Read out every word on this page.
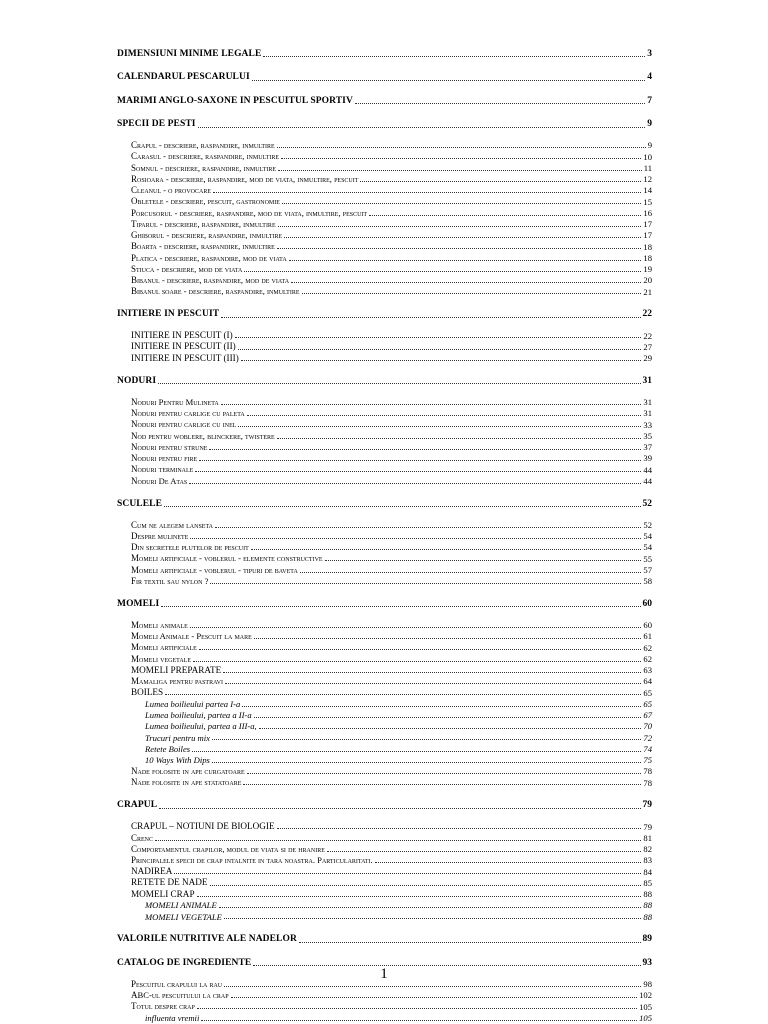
DIMENSIUNI MINIME LEGALE	3
CALENDARUL PESCARULUI	4
MARIMI ANGLO-SAXONE IN PESCUITUL SPORTIV	7
SPECII DE PESTI	9
Crapul - descriere, raspandire, inmultire	9
Carasul - descriere, raspandire, inmultire	10
Somnul - descriere, raspandire, inmultire	11
Rosioara - descriere, raspandire, mod de viata, inmultire, pescuit	12
Cleanul - o provocare	14
Obletele - descriere, pescuit, gastronomie	15
Porcusorul - descriere, raspandire, mod de viata, inmultire, pescuit	16
Tiparul - descriere, raspandire, inmultire	17
Ghiborul - descriere, raspandire, inmultire	17
Boarta - descriere, raspandire, inmultire	18
Platica - descriere, raspandire, mod de viata	18
Stiuca - descriere, mod de viata	19
Bibanul - descriere, raspandire, mod de viata	20
Bibanul soare - descriere, raspandire, inmultire	21
INITIERE IN PESCUIT	22
INITIERE IN PESCUIT (I)	22
INITIERE IN PESCUIT (II)	27
INITIERE IN PESCUIT (III)	29
NODURI	31
Noduri Pentru Mulineta	31
Noduri pentru carlige cu paleta	31
Noduri pentru carlige cu inel	33
Nod pentru woblere, blinckere, twistere	35
Noduri pentru strune	37
Noduri pentru fire	39
Noduri terminale	44
Noduri De Atas	44
SCULELE	52
Cum ne alegem lanseta	52
Despre mulinete	54
Din secretele plutelor de pescuit	54
Momeli artificiale - voblerul - elemente constructive	55
Momeli artificiale - voblerul - tipuri de baveta	57
Fir textil sau nylon ?	58
MOMELI	60
Momeli animale	60
Momeli Animale - Pescuit la mare	61
Momeli artificiale	62
Momeli vegetale	62
MOMELI PREPARATE	63
Mamaliga pentru pastravi	64
BOILES	65
Lumea boilieului partea I-a	65
Lumea boilieului, partea a II-a	67
Lumea boilieului, partea a III-a,	70
Trucuri pentru mix	72
Retete Boiles	74
10 Ways With Dips	75
Nade folosite in ape curgatoare	78
Nade folosite in ape statatoare	78
CRAPUL	79
CRAPUL – NOTIUNI DE BIOLOGIE	79
Crenc	81
Comportamentul crapilor, modul de viata si de hranire	82
Principalele specii de crap intalnite in tara noastra. Particularitati.	83
NADIREA	84
RETETE DE NADE	85
MOMELI CRAP	88
MOMELI ANIMALE	88
MOMELI VEGETALE	88
VALORILE NUTRITIVE ALE NADELOR	89
CATALOG DE INGREDIENTE	93
Pescuitul crapului la rau	98
ABC-ul pescuitului la crap	102
Totul despre crap	105
influenta vremii	105
1
